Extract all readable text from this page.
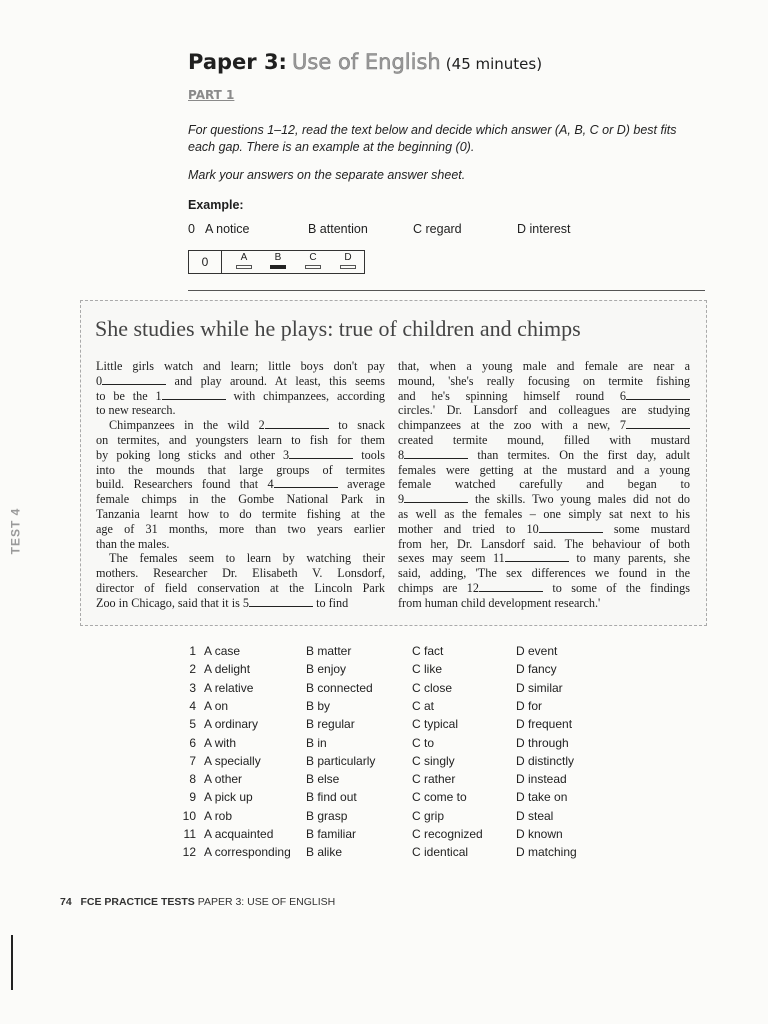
Paper 3: Use of English (45 minutes)
PART 1
For questions 1–12, read the text below and decide which answer (A, B, C or D) best fits
each gap. There is an example at the beginning (0).
Mark your answers on the separate answer sheet.
Example:
0 A notice	B attention	C regard	D interest
0	A	B	C	D
She studies while he plays: true of children and chimps

Little girls watch and learn; little boys don't pay

0	and play around. At least, this seems

to be the 1	with chimpanzees, according

to new research.

Chimpanzees in the wild 2	to snack

on termites, and youngsters learn to fish for them

by poking long sticks and other 3	tools

into the mounds that large groups of termites

build. Researchers found that 4	average

female chimps in the Gombe National Park in

Tanzania learnt how to do termite fishing at the

age of 31 months, more than two years earlier

than the males.

The females seem to learn by watching their

mothers. Researcher Dr. Elisabeth V. Lonsdorf,

director of field conservation at the Lincoln Park

Zoo in Chicago, said that it is 5	to find

that, when a young male and female are near a

mound, 'she's really focusing on termite fishing

and he's spinning himself round 6

circles.' Dr. Lansdorf and colleagues are studying

chimpanzees at the zoo with a new, 7

created termite mound, filled with mustard

8	than termites. On the first day, adult

females were getting at the mustard and a young

female watched carefully and began to

9	the skills. Two young males did not do

as well as the females – one simply sat next to his

mother and tried to 10	some mustard

from her, Dr. Lansdorf said. The behaviour of both

sexes may seem 11	to many parents, she

said, adding, 'The sex differences we found in the

chimps are 12	to some of the findings

from human child development research.'

1 A case	B matter	C fact	D event
2 A delight	B enjoy	C like	D fancy
3 A relative	B connected	C close	D similar
4 A on	B by	C at	D for
5 A ordinary	B regular	C typical	D frequent
6 A with	B in	C to	D through
7 A specially	B particularly	C singly	D distinctly
8 A other	B else	C rather	D instead
9 A pick up	B find out	C come to	D take on
10 A rob	B grasp	C grip	D steal
11 A acquainted	B familiar	C recognized	D known
12 A corresponding B alike	C identical	D matching
TEST 4
74 FCE PRACTICE TESTS PAPER 3: USE OF ENGLISH
